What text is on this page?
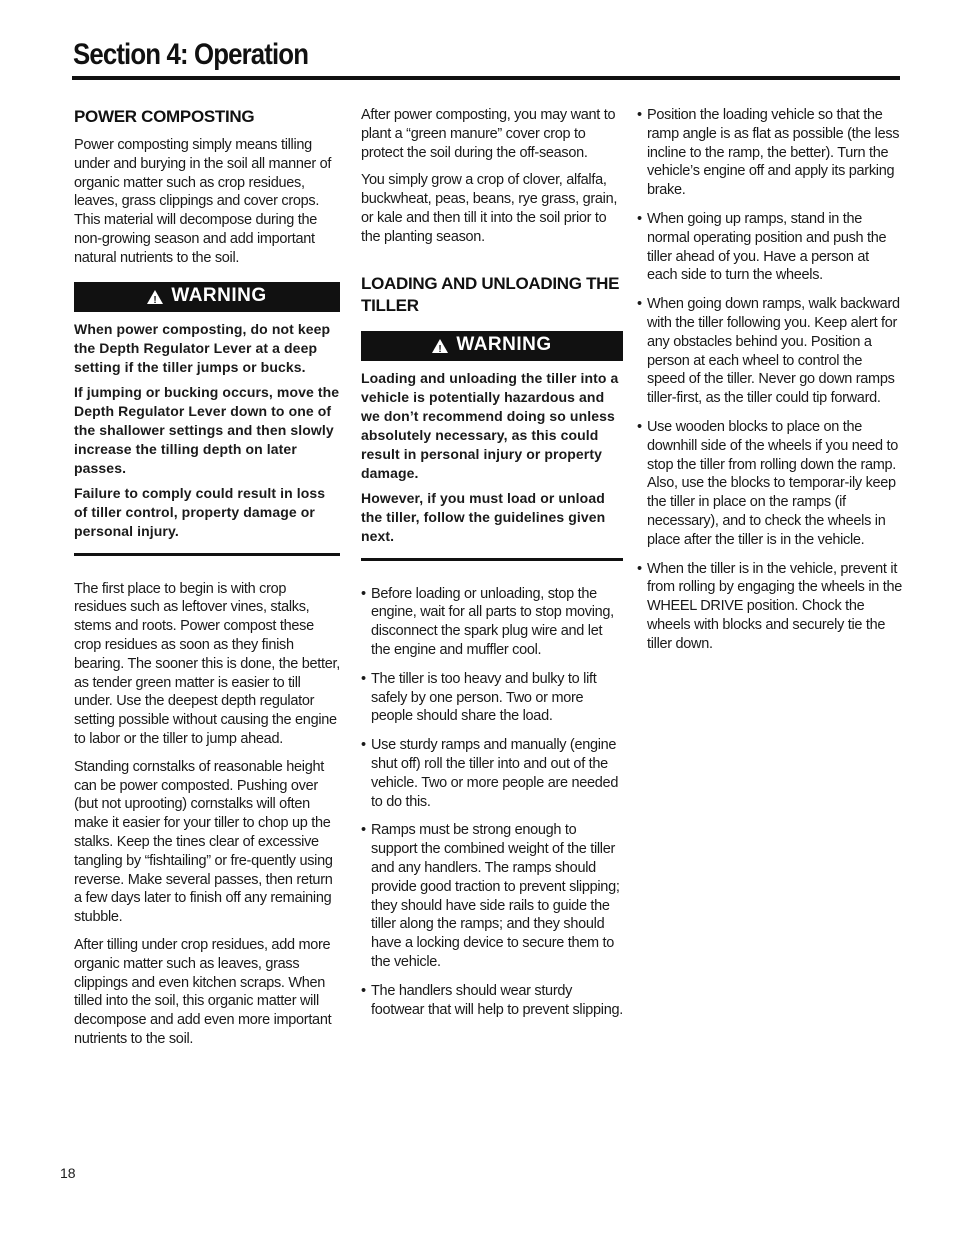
Section 4: Operation
POWER COMPOSTING

Power composting simply means tilling under and burying in the soil all manner of organic matter such as crop residues, leaves, grass clippings and cover crops. This material will decompose during the non-growing season and add important natural nutrients to the soil.

!
WARNING

When power composting, do not keep the Depth Regulator Lever at a deep setting if the tiller jumps or bucks.

If jumping or bucking occurs, move the Depth Regulator Lever down to one of the shallower settings and then slowly increase the tilling depth on later passes.

Failure to comply could result in loss of tiller control, property damage or personal injury.

The first place to begin is with crop residues such as leftover vines, stalks, stems and roots. Power compost these crop residues as soon as they finish bearing. The sooner this is done, the better, as tender green matter is easier to till under. Use the deepest depth regulator setting possible without causing the engine to labor or the tiller to jump ahead.

Standing cornstalks of reasonable height can be power composted. Pushing over (but not uprooting) cornstalks will often make it easier for your tiller to chop up the stalks. Keep the tines clear of excessive tangling by “fishtailing” or fre-quently using reverse. Make several passes, then return a few days later to finish off any remaining stubble.

After tilling under crop residues, add more organic matter such as leaves, grass clippings and even kitchen scraps. When tilled into the soil, this organic matter will decompose and add even more important nutrients to the soil.

After power composting, you may want to plant a “green manure” cover crop to protect the soil during the off-season.

You simply grow a crop of clover, alfalfa, buckwheat, peas, beans, rye grass, grain, or kale and then till it into the soil prior to the planting season.

LOADING AND UNLOADING THE TILLER
!
WARNING

Loading and unloading the tiller into a vehicle is potentially hazardous and we don’t recommend doing so unless absolutely necessary, as this could result in personal injury or property damage.

However, if you must load or unload the tiller, follow the guidelines given next.

• Before loading or unloading, stop the engine, wait for all parts to stop moving, disconnect the spark plug wire and let the engine and muffler cool.
• The tiller is too heavy and bulky to lift safely by one person. Two or more people should share the load.
• Use sturdy ramps and manually (engine shut off) roll the tiller into and out of the vehicle. Two or more people are needed to do this.
• Ramps must be strong enough to support the combined weight of the tiller and any handlers. The ramps should provide good traction to prevent slipping; they should have side rails to guide the tiller along the ramps; and they should have a locking device to secure them to the vehicle.
• The handlers should wear sturdy footwear that will help to prevent slipping.
• Position the loading vehicle so that the ramp angle is as flat as possible (the less incline to the ramp, the better). Turn the vehicle’s engine off and apply its parking brake.
• When going up ramps, stand in the normal operating position and push the tiller ahead of you. Have a person at each side to turn the wheels.
• When going down ramps, walk backward with the tiller following you. Keep alert for any obstacles behind you. Position a person at each wheel to control the speed of the tiller. Never go down ramps tiller-first, as the tiller could tip forward.
• Use wooden blocks to place on the downhill side of the wheels if you need to stop the tiller from rolling down the ramp. Also, use the blocks to temporar-ily keep the tiller in place on the ramps (if necessary), and to check the wheels in place after the tiller is in the vehicle.
• When the tiller is in the vehicle, prevent it from rolling by engaging the wheels in the WHEEL DRIVE position. Chock the wheels with blocks and securely tie the tiller down.
18
